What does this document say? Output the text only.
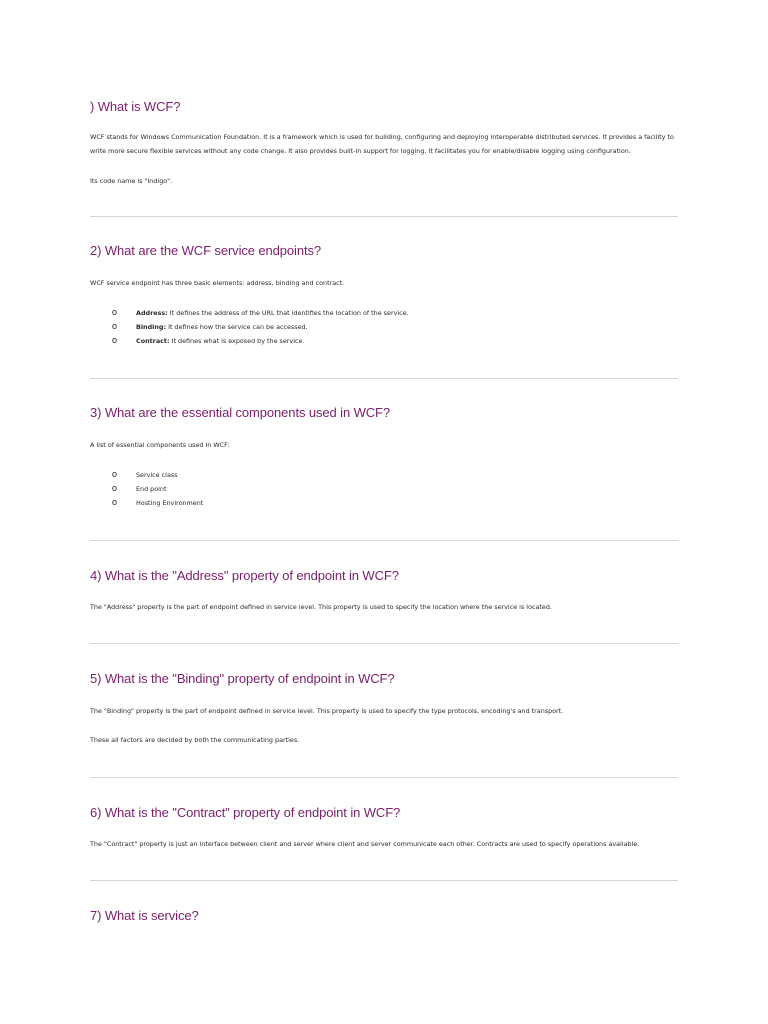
) What is WCF?

WCF stands for Windows Communication Foundation. It is a framework which is used for building, configuring and deploying interoperable distributed services. It provides a facility to write more secure flexible services without any code change. It also provides built-in support for logging. It facilitates you for enable/disable logging using configuration.

Its code name is "Indigo".

2) What are the WCF service endpoints?

WCF service endpoint has three basic elements: address, binding and contract.

o	Address: It defines the address of the URL that identifies the location of the service.
o	Binding: It defines how the service can be accessed.
o	Contract: It defines what is exposed by the service.
3) What are the essential components used in WCF?

A list of essential components used in WCF:

o	Service class
o	End point
o	Hosting Environment
4) What is the "Address" property of endpoint in WCF?

The "Address" property is the part of endpoint defined in service level. This property is used to specify the location where the service is located.

5) What is the "Binding" property of endpoint in WCF?

The "Binding" property is the part of endpoint defined in service level. This property is used to specify the type protocols, encoding's and transport.

These all factors are decided by both the communicating parties.

6) What is the "Contract" property of endpoint in WCF?

The "Contract" property is just an interface between client and server where client and server communicate each other. Contracts are used to specify operations available.

7) What is service?
